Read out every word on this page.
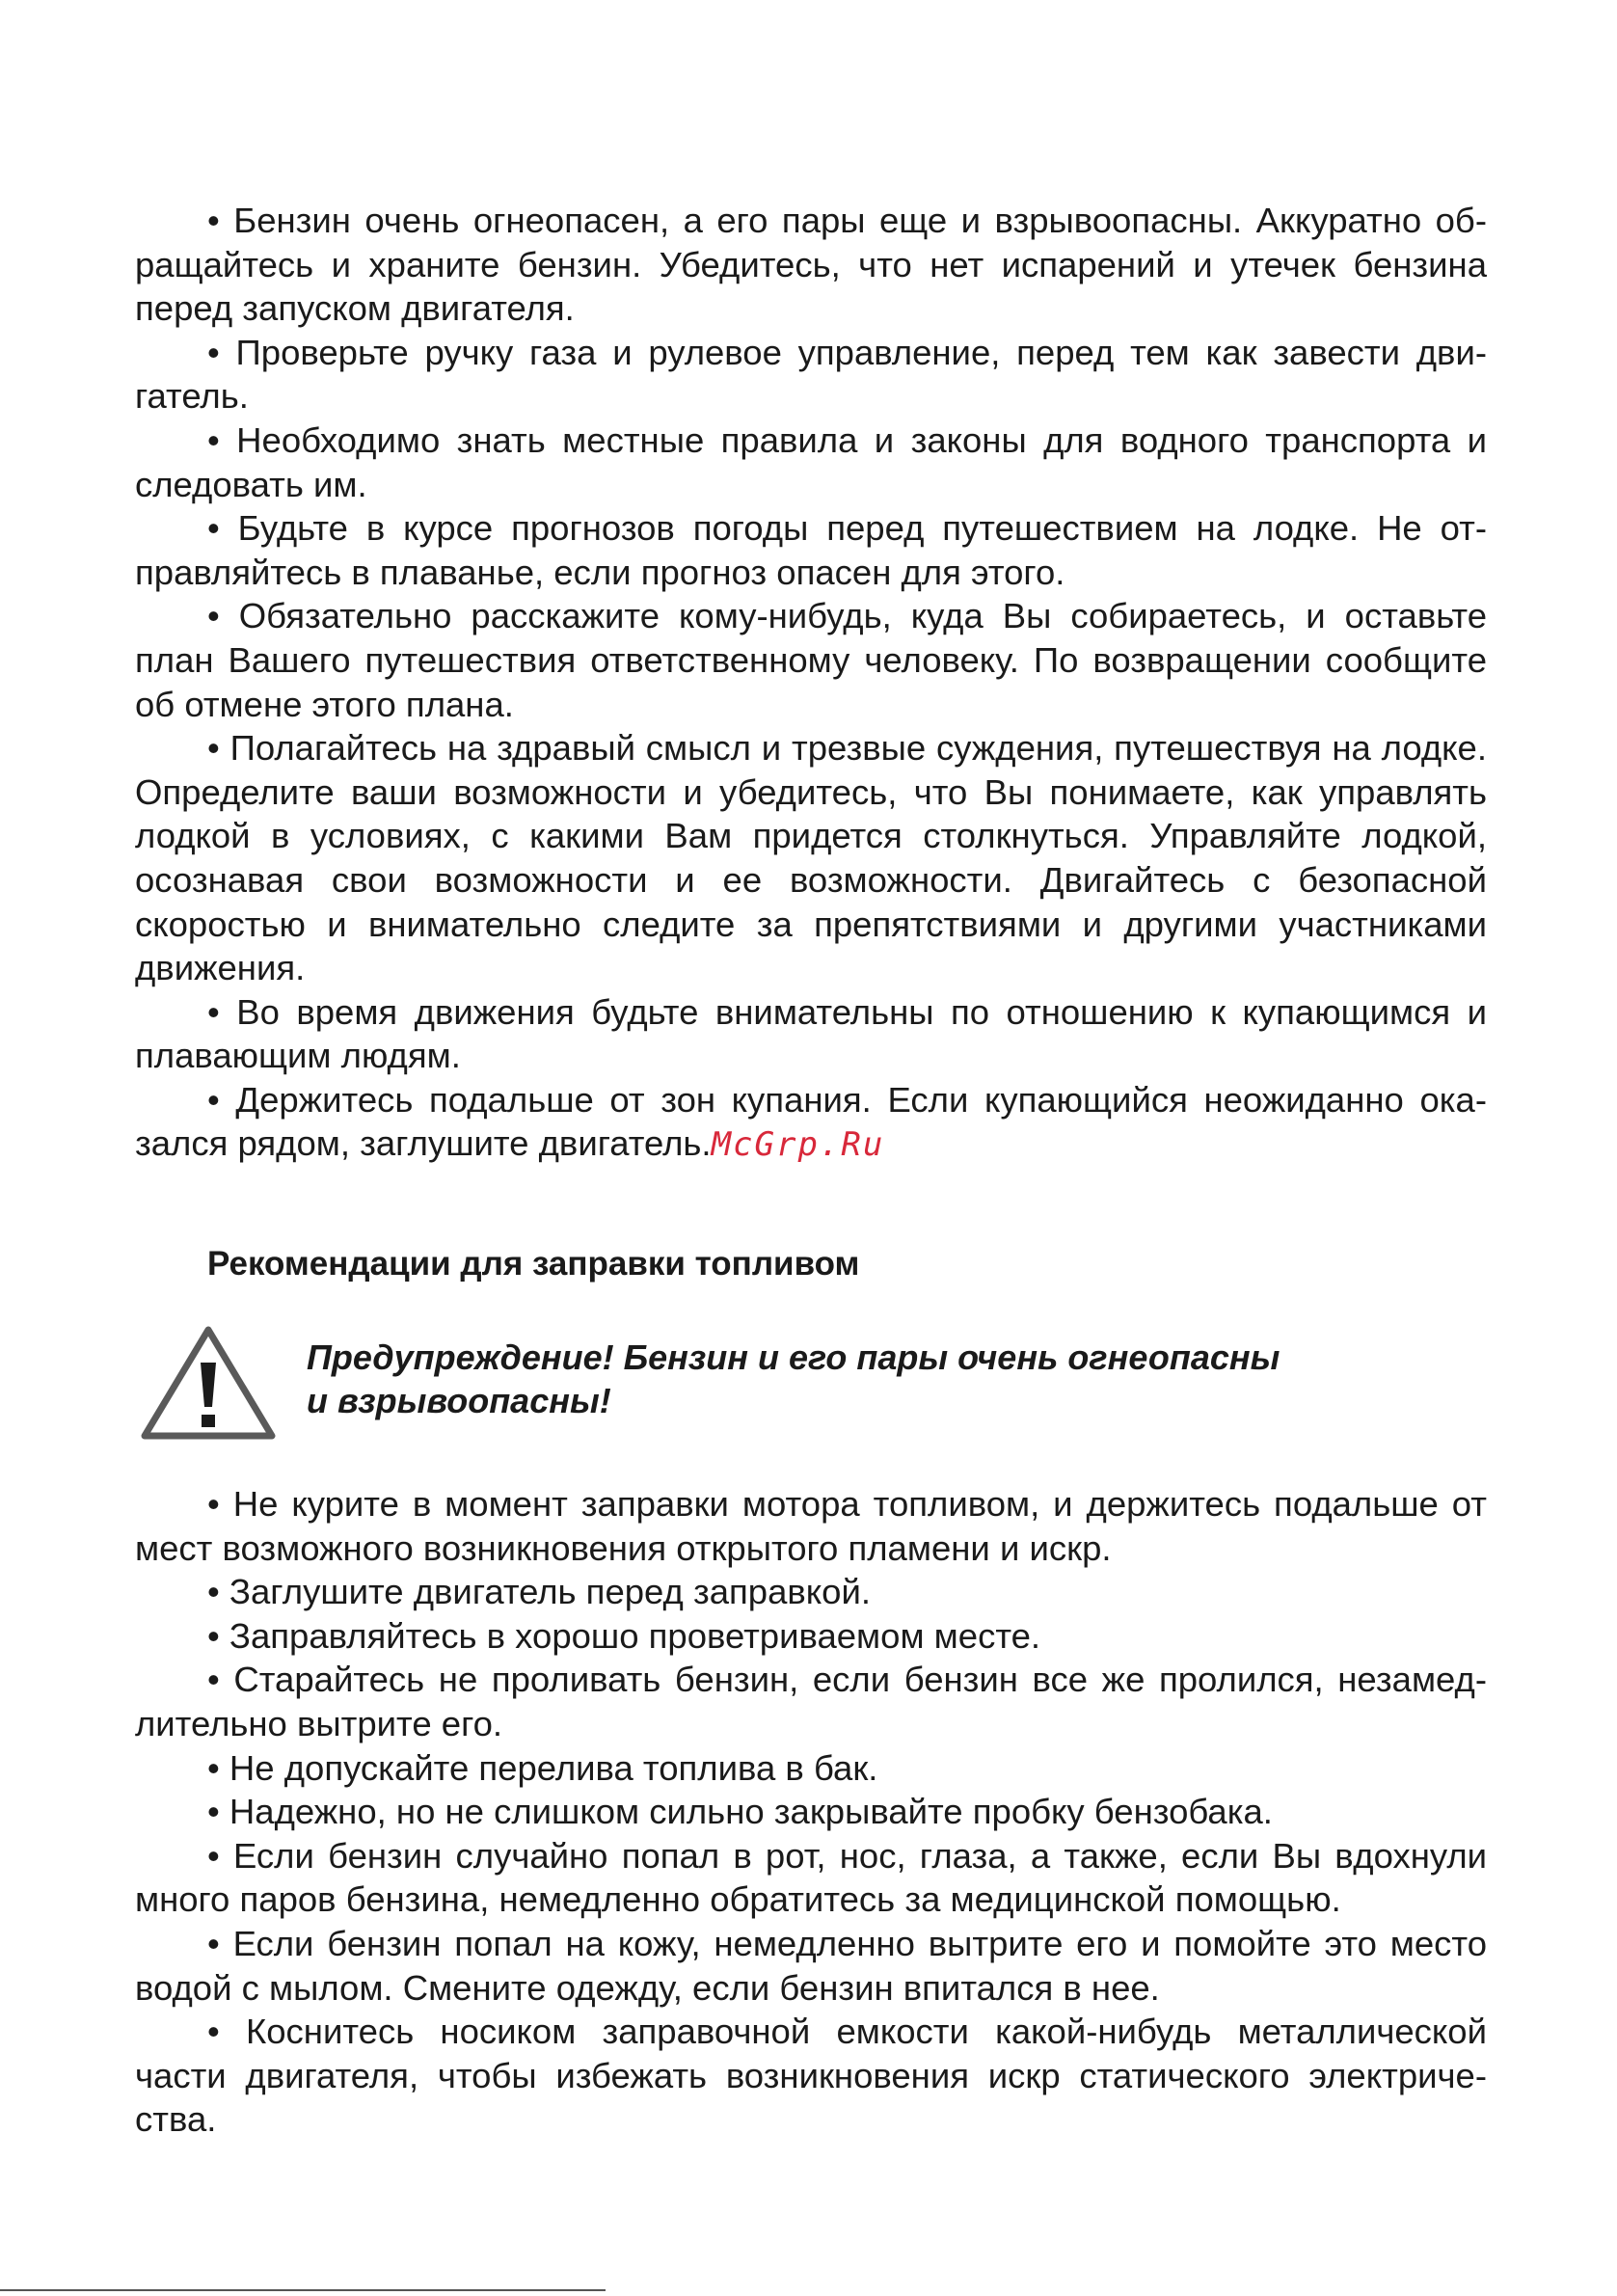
• Бензин очень огнеопасен, а его пары еще и взрывоопасны. Аккуратно обращайтесь и храните бензин. Убедитесь, что нет испарений и утечек бензина перед запуском двигателя.

• Проверьте ручку газа и рулевое управление, перед тем как завести двигатель.

• Необходимо знать местные правила и законы для водного транспорта и следовать им.

• Будьте в курсе прогнозов погоды перед путешествием на лодке. Не отправляйтесь в плаванье, если прогноз опасен для этого.

• Обязательно расскажите кому-нибудь, куда Вы собираетесь, и оставьте план Вашего путешествия ответственному человеку. По возвращении сообщите об отмене этого плана.

• Полагайтесь на здравый смысл и трезвые суждения, путешествуя на лодке. Определите ваши возможности и убедитесь, что Вы понимаете, как управлять лодкой в условиях, с какими Вам придется столкнуться. Управляйте лодкой, осознавая свои возможности и ее возможности. Двигайтесь с безопасной скоростью и внимательно следите за препятствиями и другими участниками движения.

• Во время движения будьте внимательны по отношению к купающимся и плавающим людям.

• Держитесь подальше от зон купания. Если купающийся неожиданно оказался рядом, заглушите двигатель.McGrp.Ru

Рекомендации для заправки топливом
Предупреждение! Бензин и его пары очень огнеопасны
и взрывоопасны!

• Не курите в момент заправки мотора топливом, и держитесь подальше от мест возможного возникновения открытого пламени и искр.

• Заглушите двигатель перед заправкой.

• Заправляйтесь в хорошо проветриваемом месте.

• Старайтесь не проливать бензин, если бензин все же пролился, незамедлительно вытрите его.

• Не допускайте перелива топлива в бак.

• Надежно, но не слишком сильно закрывайте пробку бензобака.

• Если бензин случайно попал в рот, нос, глаза, а также, если Вы вдохнули много паров бензина, немедленно обратитесь за медицинской помощью.

• Если бензин попал на кожу, немедленно вытрите его и помойте это место водой с мылом. Смените одежду, если бензин впитался в нее.

• Коснитесь носиком заправочной емкости какой-нибудь металлической части двигателя, чтобы избежать возникновения искр статического электричества.
